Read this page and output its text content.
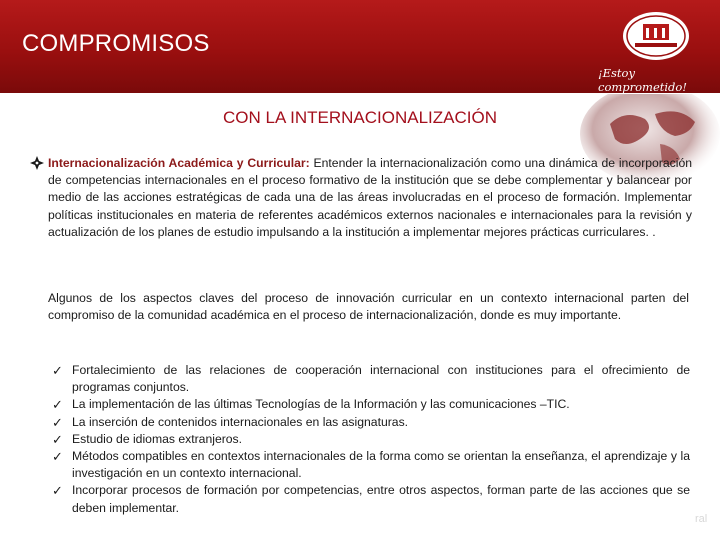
COMPROMISOS
¡Estoy comprometido!
CON LA INTERNACIONALIZACIÓN
Internacionalización Académica y Curricular: Entender la internacionalización como una dinámica de incorporación de competencias internacionales en el proceso formativo de la institución que se debe complementar y balancear por medio de las acciones estratégicas de cada una de las áreas involucradas en el proceso de formación. Implementar políticas institucionales en materia de referentes académicos externos nacionales e internacionales para la revisión y actualización de los planes de estudio impulsando a la institución a implementar mejores prácticas curriculares. .
Algunos de los aspectos claves del proceso de innovación curricular en un contexto internacional parten del compromiso de la comunidad académica en el proceso de internacionalización, donde es muy importante.
✓ Fortalecimiento de las relaciones de cooperación internacional con instituciones para el ofrecimiento de programas conjuntos.
✓ La implementación de las últimas Tecnologías de la Información y las comunicaciones –TIC.
✓ La inserción de contenidos internacionales en las asignaturas.
✓ Estudio de idiomas extranjeros.
✓ Métodos compatibles en contextos internacionales de la forma como se orientan la enseñanza, el aprendizaje y la investigación en un contexto internacional.
✓ Incorporar procesos de formación por competencias, entre otros aspectos, forman parte de las acciones que se deben implementar.
ral
